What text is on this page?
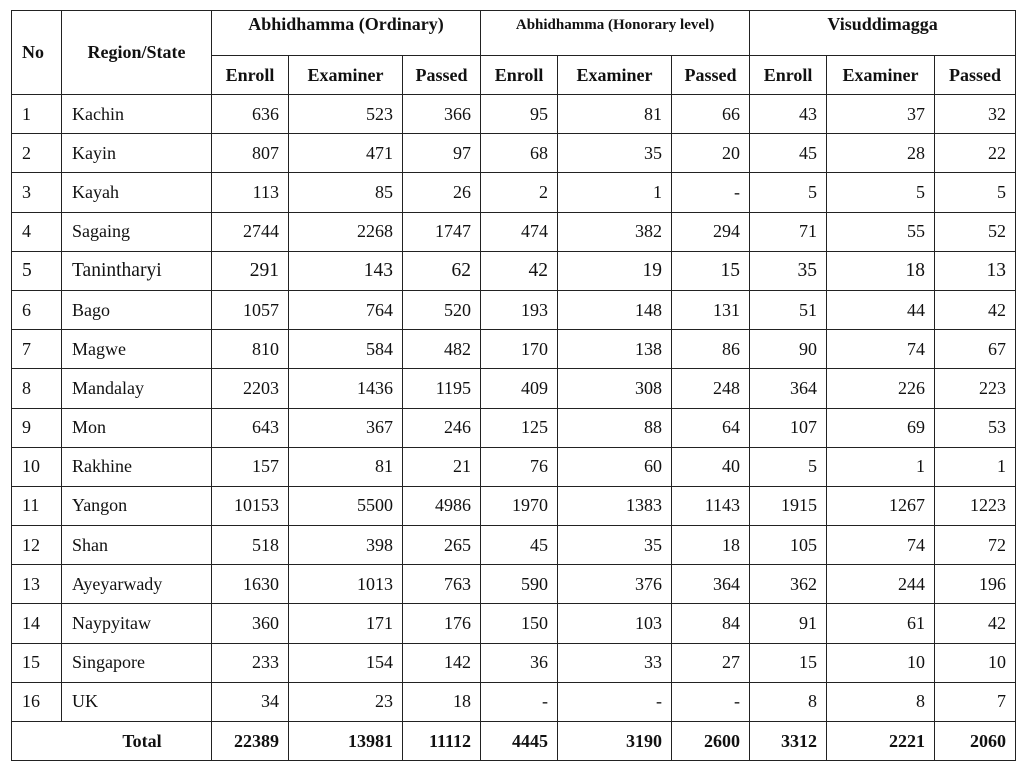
No	Region/State	Abhidhamma (Ordinary)			Abhidhamma (Honorary level)			Visuddimagga		
		Enroll	Examiner	Passed	Enroll	Examiner	Passed	Enroll	Examiner	Passed
1	Kachin	636	523	366	95	81	66	43	37	32
2	Kayin	807	471	97	68	35	20	45	28	22
3	Kayah	113	85	26	2	1	-	5	5	5
4	Sagaing	2744	2268	1747	474	382	294	71	55	52
5	Tanintharyi	291	143	62	42	19	15	35	18	13
6	Bago	1057	764	520	193	148	131	51	44	42
7	Magwe	810	584	482	170	138	86	90	74	67
8	Mandalay	2203	1436	1195	409	308	248	364	226	223
9	Mon	643	367	246	125	88	64	107	69	53
10	Rakhine	157	81	21	76	60	40	5	1	1
11	Yangon	10153	5500	4986	1970	1383	1143	1915	1267	1223
12	Shan	518	398	265	45	35	18	105	74	72
13	Ayeyarwady	1630	1013	763	590	376	364	362	244	196
14	Naypyitaw	360	171	176	150	103	84	91	61	42
15	Singapore	233	154	142	36	33	27	15	10	10
16	UK	34	23	18	-	-	-	8	8	7
Total		22389	13981	11112	4445	3190	2600	3312	2221	2060
